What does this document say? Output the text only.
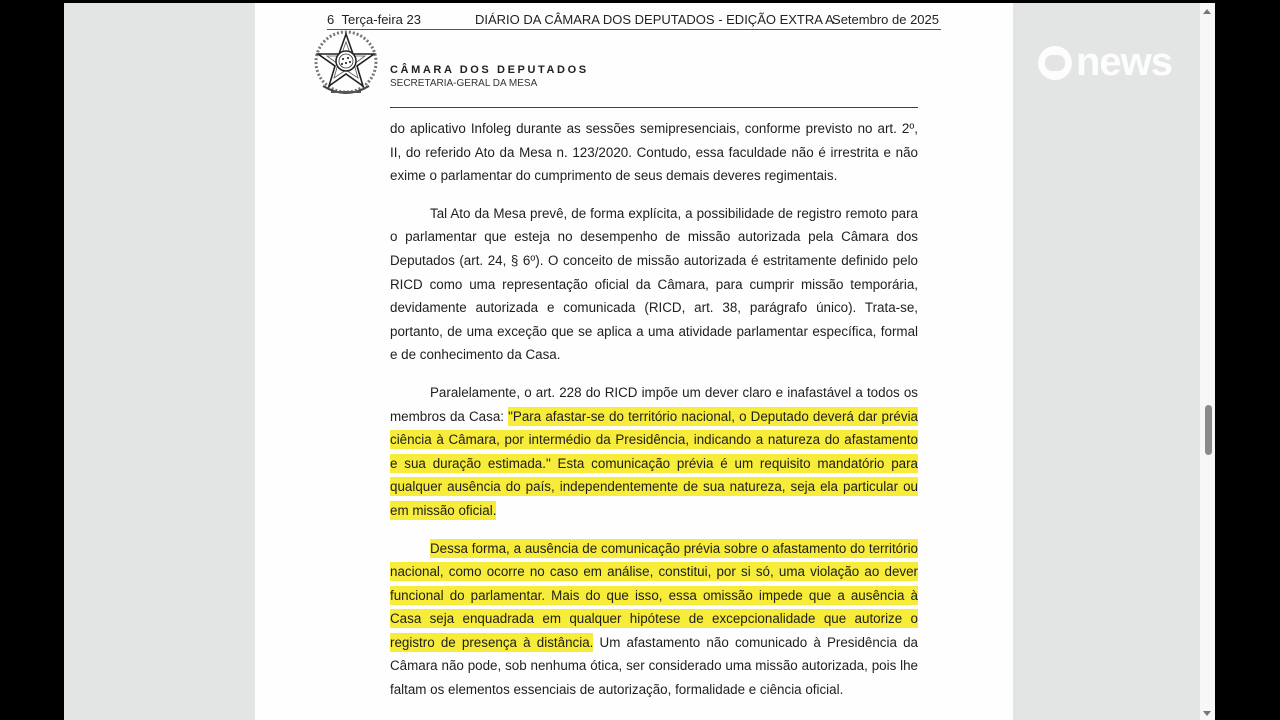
6 Terça-feira 23	DIÁRIO DA CÂMARA DOS DEPUTADOS - EDIÇÃO EXTRA A
Setembro de 2025
CÂMARA DOS DEPUTADOS
SECRETARIA-GERAL DA MESA

do aplicativo Infoleg durante as sessões semipresenciais, conforme previsto no art. 2º, II, do referido Ato da Mesa n. 123/2020. Contudo, essa faculdade não é irrestrita e não exime o parlamentar do cumprimento de seus demais deveres regimentais.

Tal Ato da Mesa prevê, de forma explícita, a possibilidade de registro remoto para o parlamentar que esteja no desempenho de missão autorizada pela Câmara dos Deputados (art. 24, § 6º). O conceito de missão autorizada é estritamente definido pelo RICD como uma representação oficial da Câmara, para cumprir missão temporária, devidamente autorizada e comunicada (RICD, art. 38, parágrafo único). Trata-se, portanto, de uma exceção que se aplica a uma atividade parlamentar específica, formal e de conhecimento da Casa.

Paralelamente, o art. 228 do RICD impõe um dever claro e inafastável a todos os membros da Casa: "Para afastar-se do território nacional, o Deputado deverá dar prévia ciência à Câmara, por intermédio da Presidência, indicando a natureza do afastamento e sua duração estimada." Esta comunicação prévia é um requisito mandatório para qualquer ausência do país, independentemente de sua natureza, seja ela particular ou em missão oficial.

Dessa forma, a ausência de comunicação prévia sobre o afastamento do território nacional, como ocorre no caso em análise, constitui, por si só, uma violação ao dever funcional do parlamentar. Mais do que isso, essa omissão impede que a ausência à Casa seja enquadrada em qualquer hipótese de excepcionalidade que autorize o registro de presença à distância. Um afastamento não comunicado à Presidência da Câmara não pode, sob nenhuma ótica, ser considerado uma missão autorizada, pois lhe faltam os elementos essenciais de autorização, formalidade e ciência oficial.

news
